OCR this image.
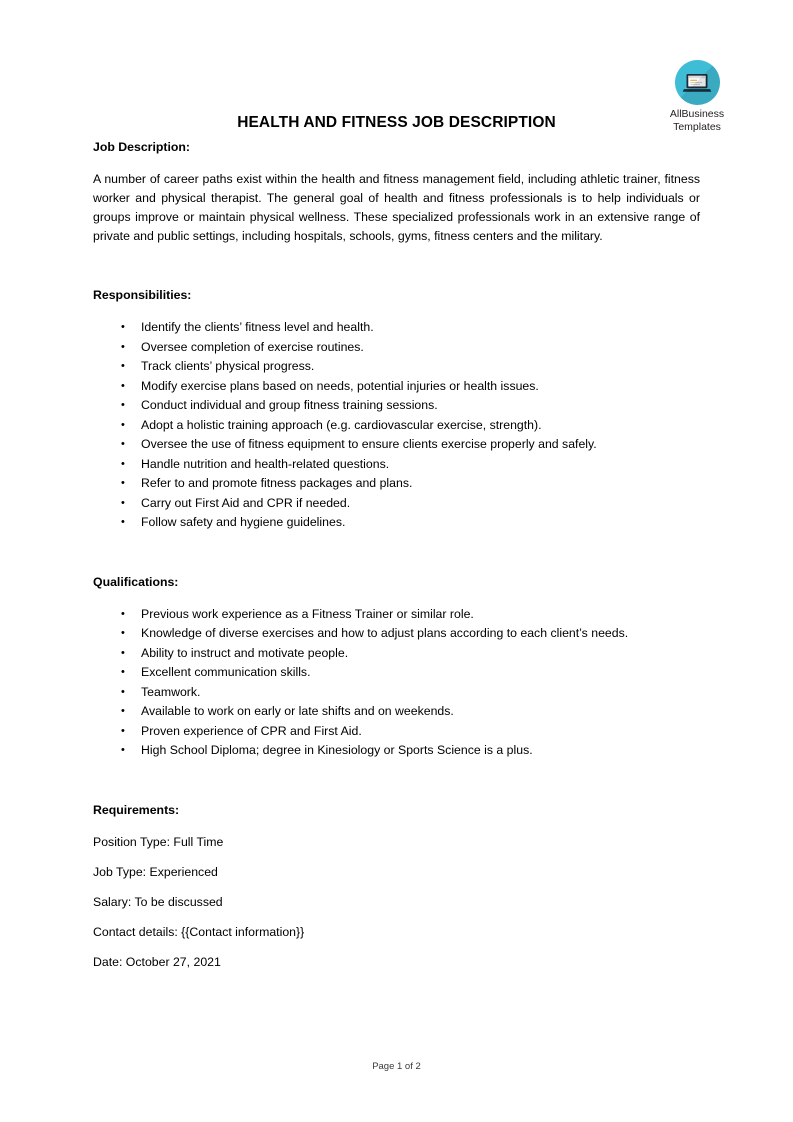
AllBusiness
Templates
HEALTH AND FITNESS JOB DESCRIPTION
Job Description:

A number of career paths exist within the health and fitness management field, including athletic trainer, fitness worker and physical therapist. The general goal of health and fitness professionals is to help individuals or groups improve or maintain physical wellness. These specialized professionals work in an extensive range of private and public settings, including hospitals, schools, gyms, fitness centers and the military.

Responsibilities:
• Identify the clients’ fitness level and health.
• Oversee completion of exercise routines.
• Track clients’ physical progress.
• Modify exercise plans based on needs, potential injuries or health issues.
• Conduct individual and group fitness training sessions.
• Adopt a holistic training approach (e.g. cardiovascular exercise, strength).
• Oversee the use of fitness equipment to ensure clients exercise properly and safely.
• Handle nutrition and health-related questions.
• Refer to and promote fitness packages and plans.
• Carry out First Aid and CPR if needed.
• Follow safety and hygiene guidelines.
Qualifications:
• Previous work experience as a Fitness Trainer or similar role.
• Knowledge of diverse exercises and how to adjust plans according to each client’s needs.
• Ability to instruct and motivate people.
• Excellent communication skills.
• Teamwork.
• Available to work on early or late shifts and on weekends.
• Proven experience of CPR and First Aid.
• High School Diploma; degree in Kinesiology or Sports Science is a plus.
Requirements:

Position Type: Full Time

Job Type: Experienced

Salary: To be discussed

Contact details: {{Contact information}}

Date: October 27, 2021

Page 1 of 2
